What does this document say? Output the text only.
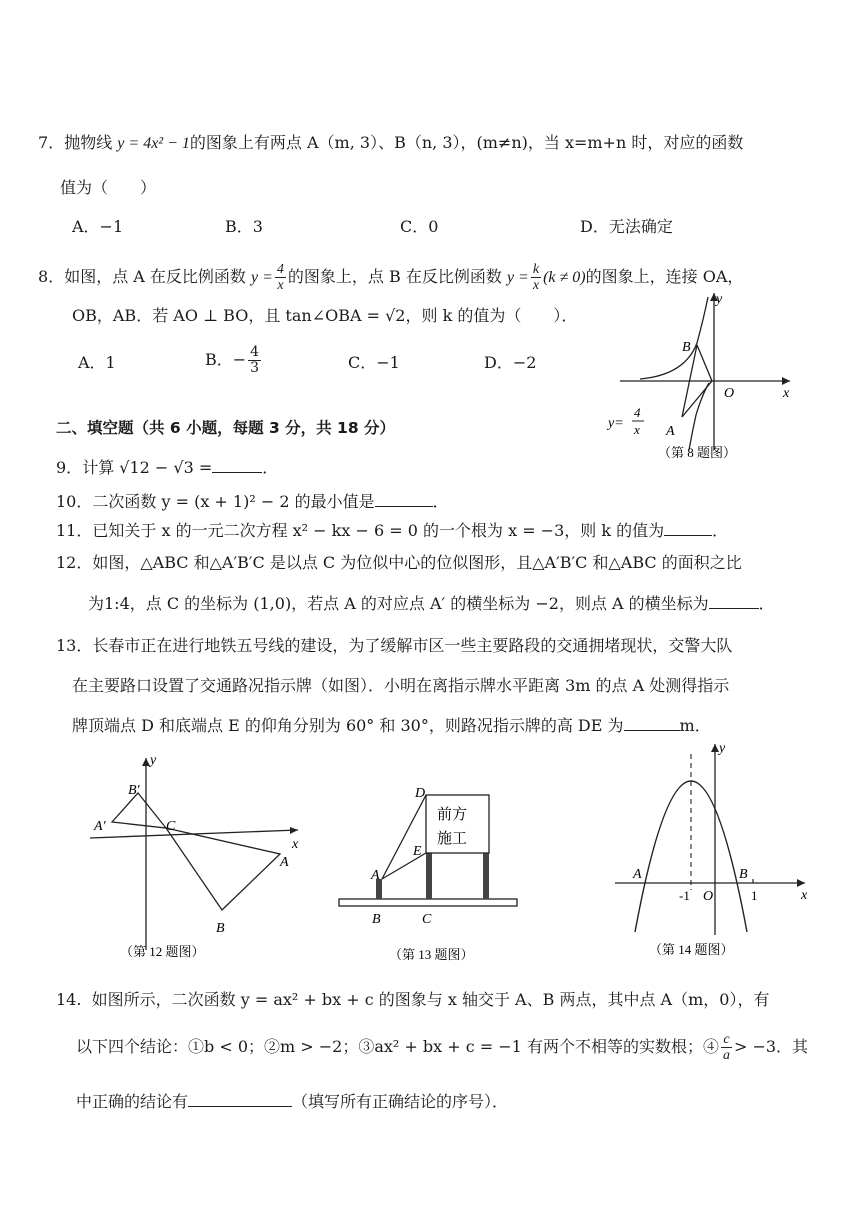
7．抛物线 y = 4x² − 1的图象上有两点 A（m, 3）、B（n, 3），(m≠n)，当 x=m+n 时，对应的函数
值为（　　）
A．−1	B．3	C．0	D．无法确定
8．如图，点 A 在反比例函数 $y = \frac{4}{x}$ 的图象上，点 B 在反比例函数 $y = \frac{k}{x} (k \ne 0)$的图象上，连接 OA，
OB，AB．若 AO ⊥ BO，且 tan∠OBA = √2，则 k 的值为（　　）．
A．1	B．− $\frac{4}{3}$	C．−1	D．−2
y
x
B
O
A
y=
4
x
（第 8 题图）
二、填空题（共 6 小题，每题 3 分，共 18 分）
9．计算 √12 − √3 =	．
10．二次函数 y = (x + 1)² − 2 的最小值是	．
11．已知关于 x 的一元二次方程 x² − kx − 6 = 0 的一个根为 x = −3，则 k 的值为	．
12．如图，△ABC 和△A′B′C 是以点 C 为位似中心的位似图形，且△A′B′C 和△ABC 的面积之比
为1:4，点 C 的坐标为 (1,0)，若点 A 的对应点 A′ 的横坐标为 −2，则点 A 的横坐标为	．
13．长春市正在进行地铁五号线的建设，为了缓解市区一些主要路段的交通拥堵现状，交警大队
在主要路口设置了交通路况指示牌（如图）．小明在离指示牌水平距离 3m 的点 A 处测得指示
牌顶端点 D 和底端点 E 的仰角分别为 60° 和 30°，则路况指示牌的高 DE 为	m．
y
x
B′
A′	C
A
B
（第 12 题图）
前方
施工
D
E
A
B	C
（第 13 题图）
y
x
A	B
-1 O	1
（第 14 题图）
14. 如图所示，二次函数 y = ax² + bx + c 的图象与 x 轴交于 A、B 两点，其中点 A（m，0），有
以下四个结论：①b < 0；②m > −2；③ax² + bx + c = −1 有两个不相等的实数根；④ $\frac{c}{a} > -3$．其
中正确的结论有	（填写所有正确结论的序号）．
